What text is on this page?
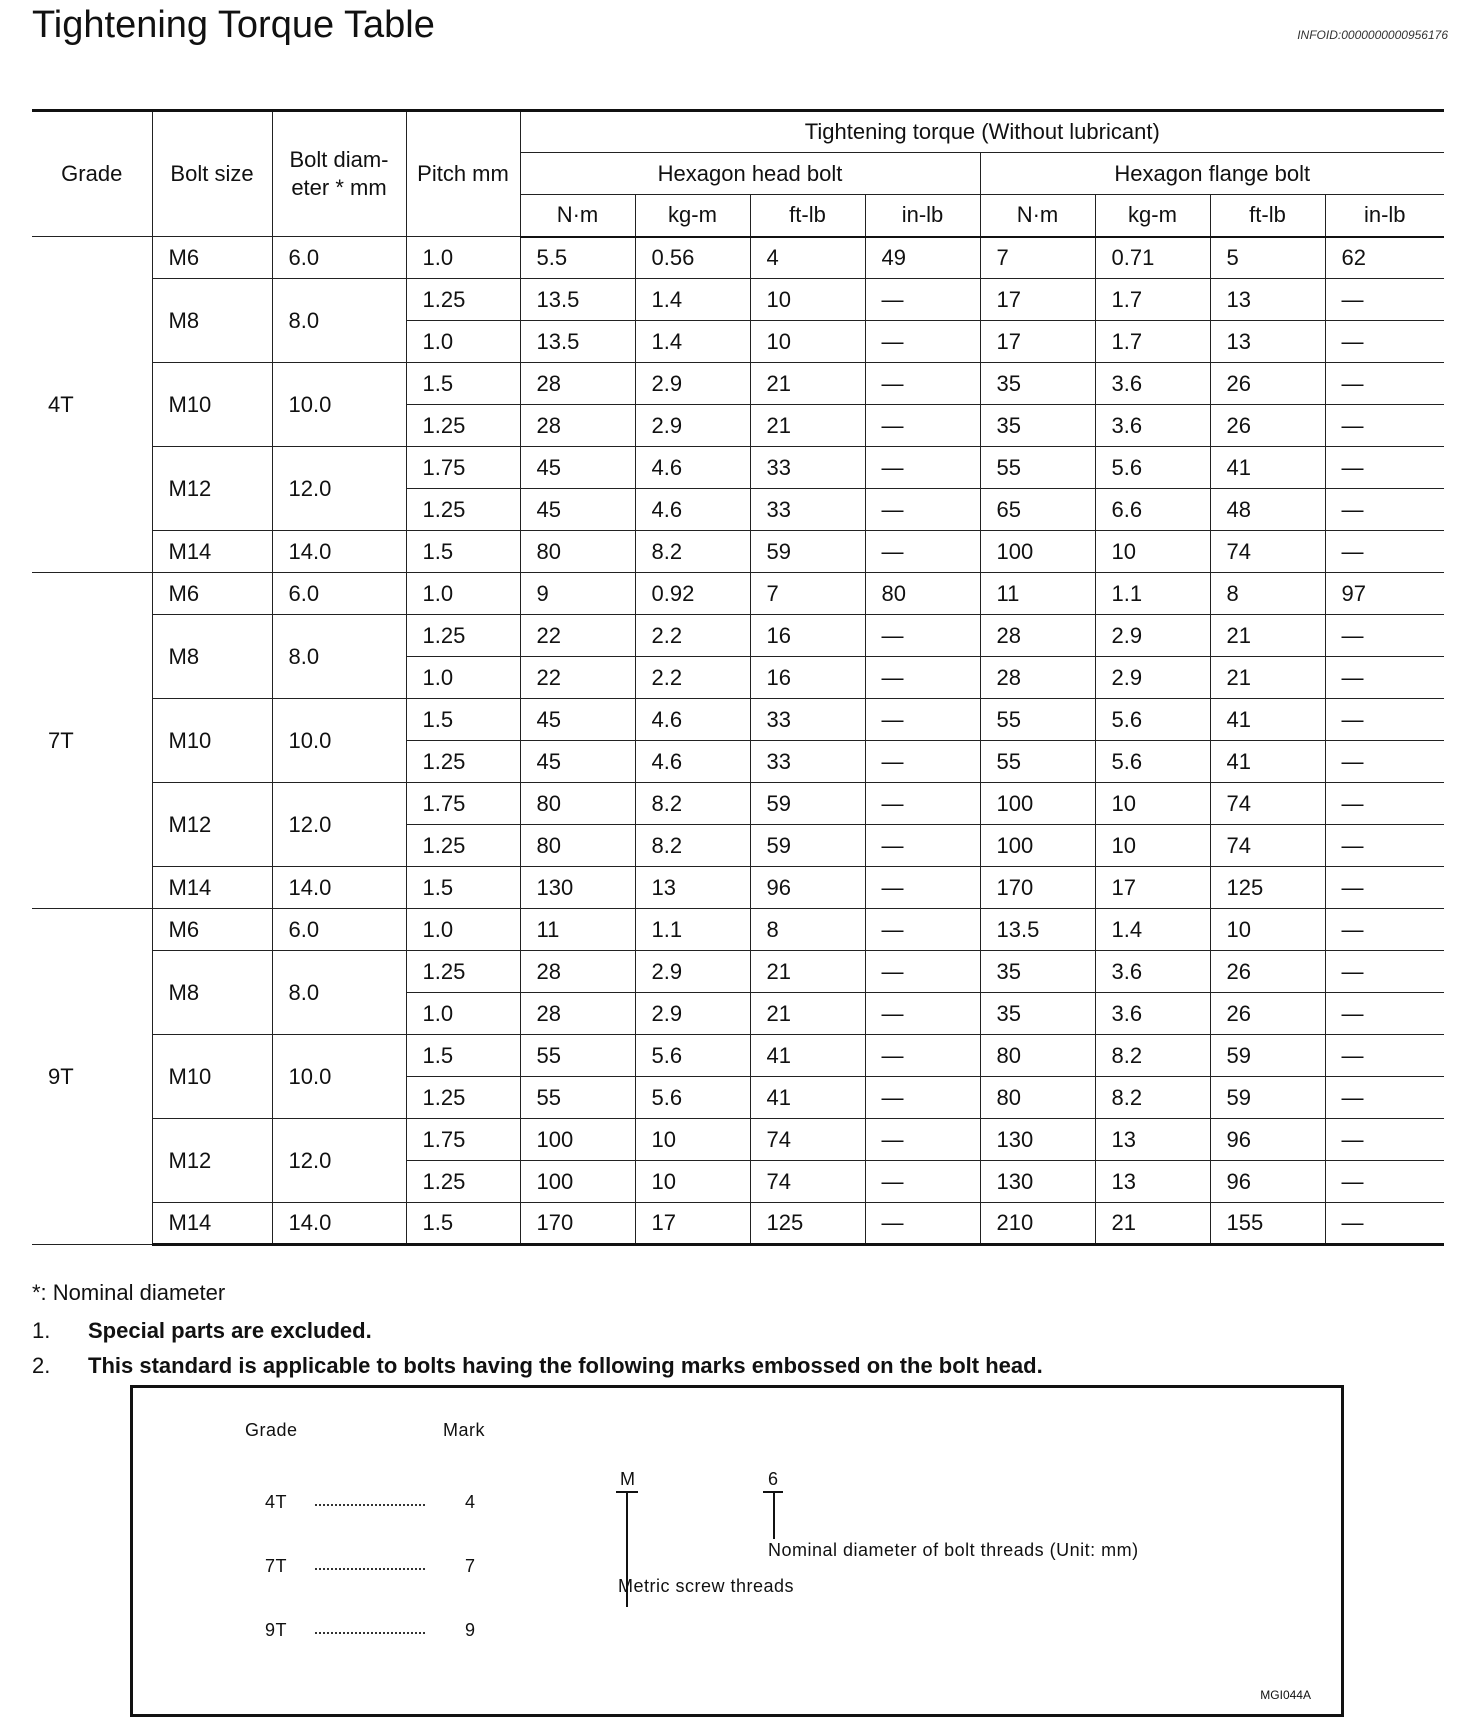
Tightening Torque Table	INFOID:0000000000956176
Grade	Bolt size	Bolt diam-eter * mm	Pitch mm	Tightening torque (Without lubricant)							
				Hexagon head bolt				Hexagon flange bolt			
				N·m	kg-m	ft-lb	in-lb	N·m	kg-m	ft-lb	in-lb
4T	M6	6.0	1.0	5.5	0.56	4	49	7	0.71	5	62
	M8	8.0	1.25	13.5	1.4	10	—	17	1.7	13	—
			1.0	13.5	1.4	10	—	17	1.7	13	—
	M10	10.0	1.5	28	2.9	21	—	35	3.6	26	—
			1.25	28	2.9	21	—	35	3.6	26	—
	M12	12.0	1.75	45	4.6	33	—	55	5.6	41	—
			1.25	45	4.6	33	—	65	6.6	48	—
	M14	14.0	1.5	80	8.2	59	—	100	10	74	—
7T	M6	6.0	1.0	9	0.92	7	80	11	1.1	8	97
	M8	8.0	1.25	22	2.2	16	—	28	2.9	21	—
			1.0	22	2.2	16	—	28	2.9	21	—
	M10	10.0	1.5	45	4.6	33	—	55	5.6	41	—
			1.25	45	4.6	33	—	55	5.6	41	—
	M12	12.0	1.75	80	8.2	59	—	100	10	74	—
			1.25	80	8.2	59	—	100	10	74	—
	M14	14.0	1.5	130	13	96	—	170	17	125	—
9T	M6	6.0	1.0	11	1.1	8	—	13.5	1.4	10	—
	M8	8.0	1.25	28	2.9	21	—	35	3.6	26	—
			1.0	28	2.9	21	—	35	3.6	26	—
	M10	10.0	1.5	55	5.6	41	—	80	8.2	59	—
			1.25	55	5.6	41	—	80	8.2	59	—
	M12	12.0	1.75	100	10	74	—	130	13	96	—
			1.25	100	10	74	—	130	13	96	—
	M14	14.0	1.5	170	17	125	—	210	21	155	—
*: Nominal diameter
1. Special parts are excluded.
2. This standard is applicable to bolts having the following marks embossed on the bolt head.
Grade	Mark
4T	4
7T	7
9T	9
M	6
Nominal diameter of bolt threads (Unit: mm)
Metric screw threads
MGI044A
